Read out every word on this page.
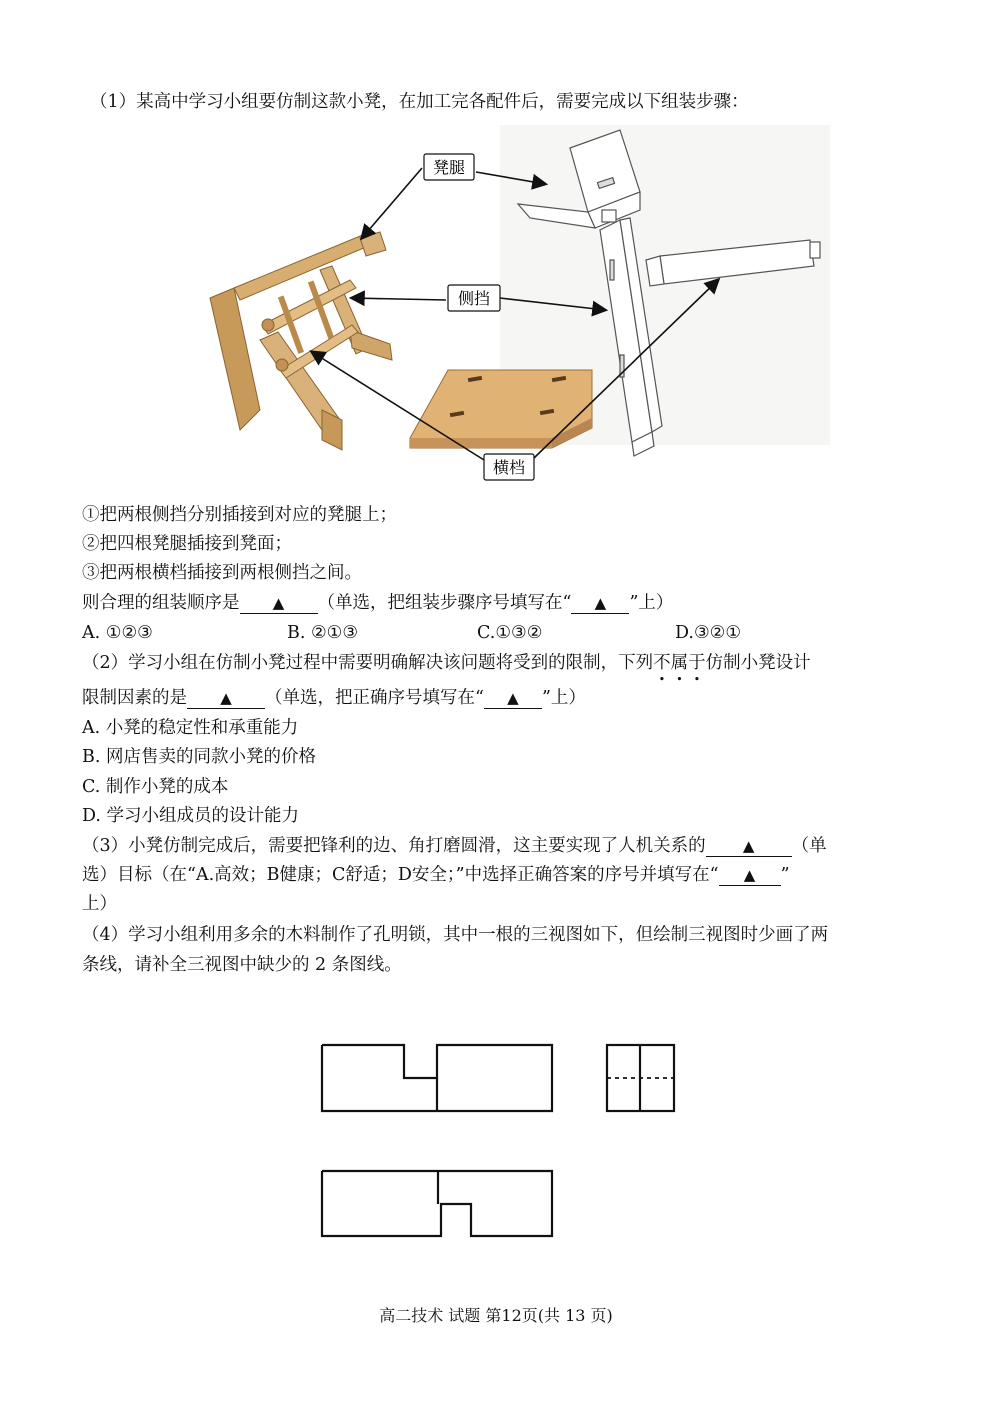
（1）某高中学习小组要仿制这款小凳，在加工完各配件后，需要完成以下组装步骤：
凳腿
侧挡
横档
①把两根侧挡分别插接到对应的凳腿上；
②把四根凳腿插接到凳面；
③把两根横档插接到两根侧挡之间。
则合理的组装顺序是 ▲ （单选，把组装步骤序号填写在“ ▲ ”上）
A. ①②③	B. ②①③	C.①③②	D.③②①
（2）学习小组在仿制小凳过程中需要明确解决该问题将受到的限制，下列不属于仿制小凳设计
限制因素的是 ▲ （单选，把正确序号填写在“ ▲ ”上）
A. 小凳的稳定性和承重能力
B. 网店售卖的同款小凳的价格
C. 制作小凳的成本
D. 学习小组成员的设计能力
（3）小凳仿制完成后，需要把锋利的边、角打磨圆滑，这主要实现了人机关系的 ▲ （单
选）目标（在“A.高效；B健康；C舒适；D安全；”中选择正确答案的序号并填写在“ ▲ ”
上）
（4）学习小组利用多余的木料制作了孔明锁，其中一根的三视图如下，但绘制三视图时少画了两
条线，请补全三视图中缺少的 2 条图线。
高二技术 试题 第12页(共 13 页)
